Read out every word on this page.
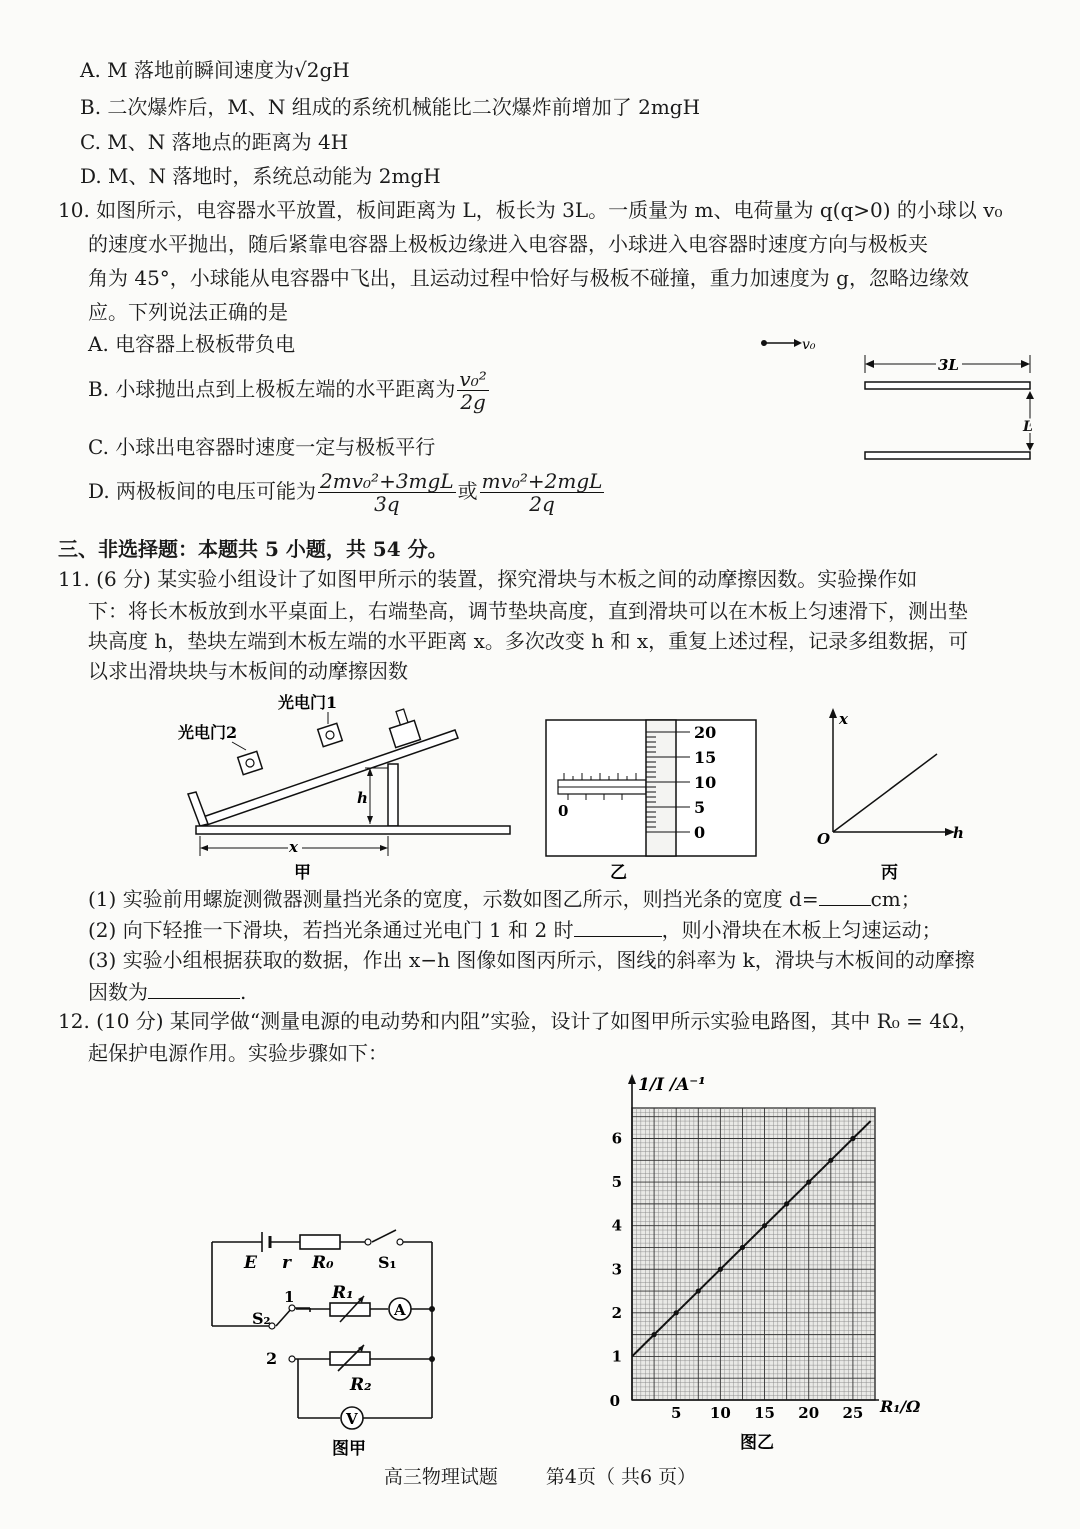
A. M 落地前瞬间速度为√2gH
B. 二次爆炸后，M、N 组成的系统机械能比二次爆炸前增加了 2mgH
C. M、N 落地点的距离为 4H
D. M、N 落地时，系统总动能为 2mgH
10. 如图所示，电容器水平放置，板间距离为 L，板长为 3L。一质量为 m、电荷量为 q(q>0) 的小球以 v₀
的速度水平抛出，随后紧靠电容器上极板边缘进入电容器，小球进入电容器时速度方向与极板夹
角为 45°，小球能从电容器中飞出，且运动过程中恰好与极板不碰撞，重力加速度为 g，忽略边缘效
应。下列说法正确的是
A. 电容器上极板带负电
B. 小球抛出点到上极板左端的水平距离为 $\frac{\text{v₀²}}{2g}$
C. 小球出电容器时速度一定与极板平行
D. 两极板间的电压可能为 $\frac{\text{2mv₀²+3mgL}}{3q}$ 或 $\frac{\text{mv₀²+2mgL}}{2q}$
v₀
3L
L
三、非选择题：本题共 5 小题，共 54 分。
11. (6 分) 某实验小组设计了如图甲所示的装置，探究滑块与木板之间的动摩擦因数。实验操作如
下：将长木板放到水平桌面上，右端垫高，调节垫块高度，直到滑块可以在木板上匀速滑下，测出垫
块高度 h，垫块左端到木板左端的水平距离 x。多次改变 h 和 x，重复上述过程，记录多组数据，可
以求出滑块块与木板间的动摩擦因数
光电门1
光电门2
h
x
甲
0
20
15
10
5
0
乙
x
h
O
丙
(1) 实验前用螺旋测微器测量挡光条的宽度，示数如图乙所示，则挡光条的宽度 d=	cm；
(2) 向下轻推一下滑块，若挡光条通过光电门 1 和 2 时	，则小滑块在木板上匀速运动；
(3) 实验小组根据获取的数据，作出 x−h 图像如图丙所示，图线的斜率为 k，滑块与木板间的动摩擦
因数为	.
12. (10 分) 某同学做“测量电源的电动势和内阻”实验，设计了如图甲所示实验电路图，其中 R₀ = 4Ω，
起保护电源作用。实验步骤如下：
E r R₀	S₁
S₂
1
2
R₁
R₂
A
V
图甲
5 10 15 20 25
1
2
3
4
5
6
0
1/I /A⁻¹
R₁/Ω
图乙
高三物理试题	第4页（ 共6 页）
